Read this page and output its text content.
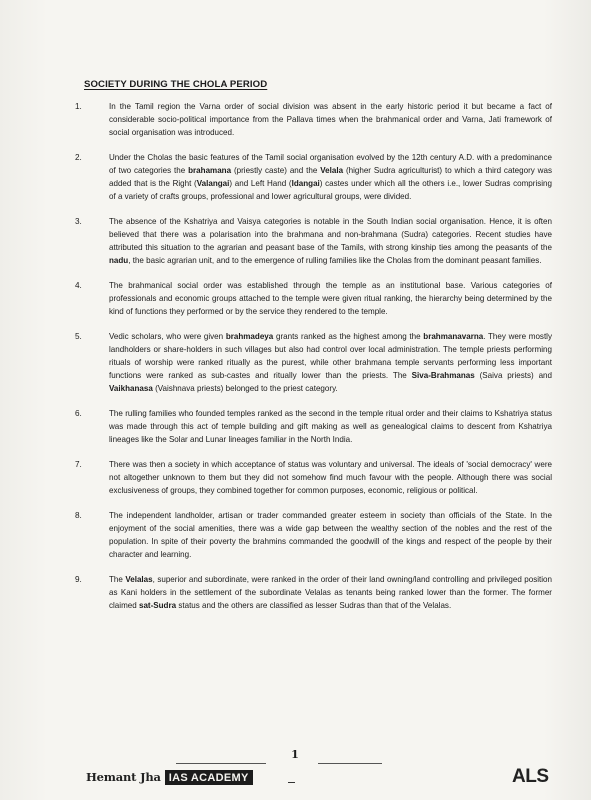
SOCIETY DURING THE CHOLA PERIOD
1.	In the Tamil region the Varna order of social division was absent in the early historic period it but became a fact of considerable socio-political importance from the Pallava times when the brahmanical order and Varna, Jati framework of social organisation was introduced.
2.	Under the Cholas the basic features of the Tamil social organisation evolved by the 12th century A.D. with a predominance of two categories the brahamana (priestly caste) and the Velala (higher Sudra agriculturist) to which a third category was added that is the Right (Valangai) and Left Hand (Idangai) castes under which all the others i.e., lower Sudras comprising of a variety of crafts groups, professional and lower agricultural groups, were divided.
3.	The absence of the Kshatriya and Vaisya categories is notable in the South Indian social organisation. Hence, it is often believed that there was a polarisation into the brahmana and non-brahmana (Sudra) categories. Recent studies have attributed this situation to the agrarian and peasant base of the Tamils, with strong kinship ties among the peasants of the nadu, the basic agrarian unit, and to the emergence of rulling families like the Cholas from the dominant peasant families.
4.	The brahmanical social order was established through the temple as an institutional base. Various categories of professionals and economic groups attached to the temple were given ritual ranking, the hierarchy being determined by the kind of functions they performed or by the service they rendered to the temple.
5.	Vedic scholars, who were given brahmadeya grants ranked as the highest among the brahmanavarna. They were mostly landholders or share-holders in such villages but also had control over local administration. The temple priests performing rituals of worship were ranked ritually as the purest, while other brahmana temple servants performing less important functions were ranked as sub-castes and ritually lower than the priests. The Siva-Brahmanas (Saiva priests) and Vaikhanasa (Vaishnava priests) belonged to the priest category.
6.	The rulling families who founded temples ranked as the second in the temple ritual order and their claims to Kshatriya status was made through this act of temple building and gift making as well as genealogical claims to descent from Kshatriya lineages like the Solar and Lunar lineages familiar in the North India.
7.	There was then a society in which acceptance of status was voluntary and universal. The ideals of 'social democracy' were not altogether unknown to them but they did not somehow find much favour with the people. Although there was social exclusiveness of groups, they combined together for common purposes, economic, religious or political.
8.	The independent landholder, artisan or trader commanded greater esteem in society than officials of the State. In the enjoyment of the social amenities, there was a wide gap between the wealthy section of the nobles and the rest of the population. In spite of their poverty the brahmins commanded the goodwill of the kings and respect of the people by their character and learning.
9.	The Velalas, superior and subordinate, were ranked in the order of their land owning/land controlling and privileged position as Kani holders in the settlement of the subordinate Velalas as tenants being ranked lower than the former. The former claimed sat-Sudra status and the others are classified as lesser Sudras than that of the Velalas.
1
Hemant Jha IAS ACADEMY	ALS
